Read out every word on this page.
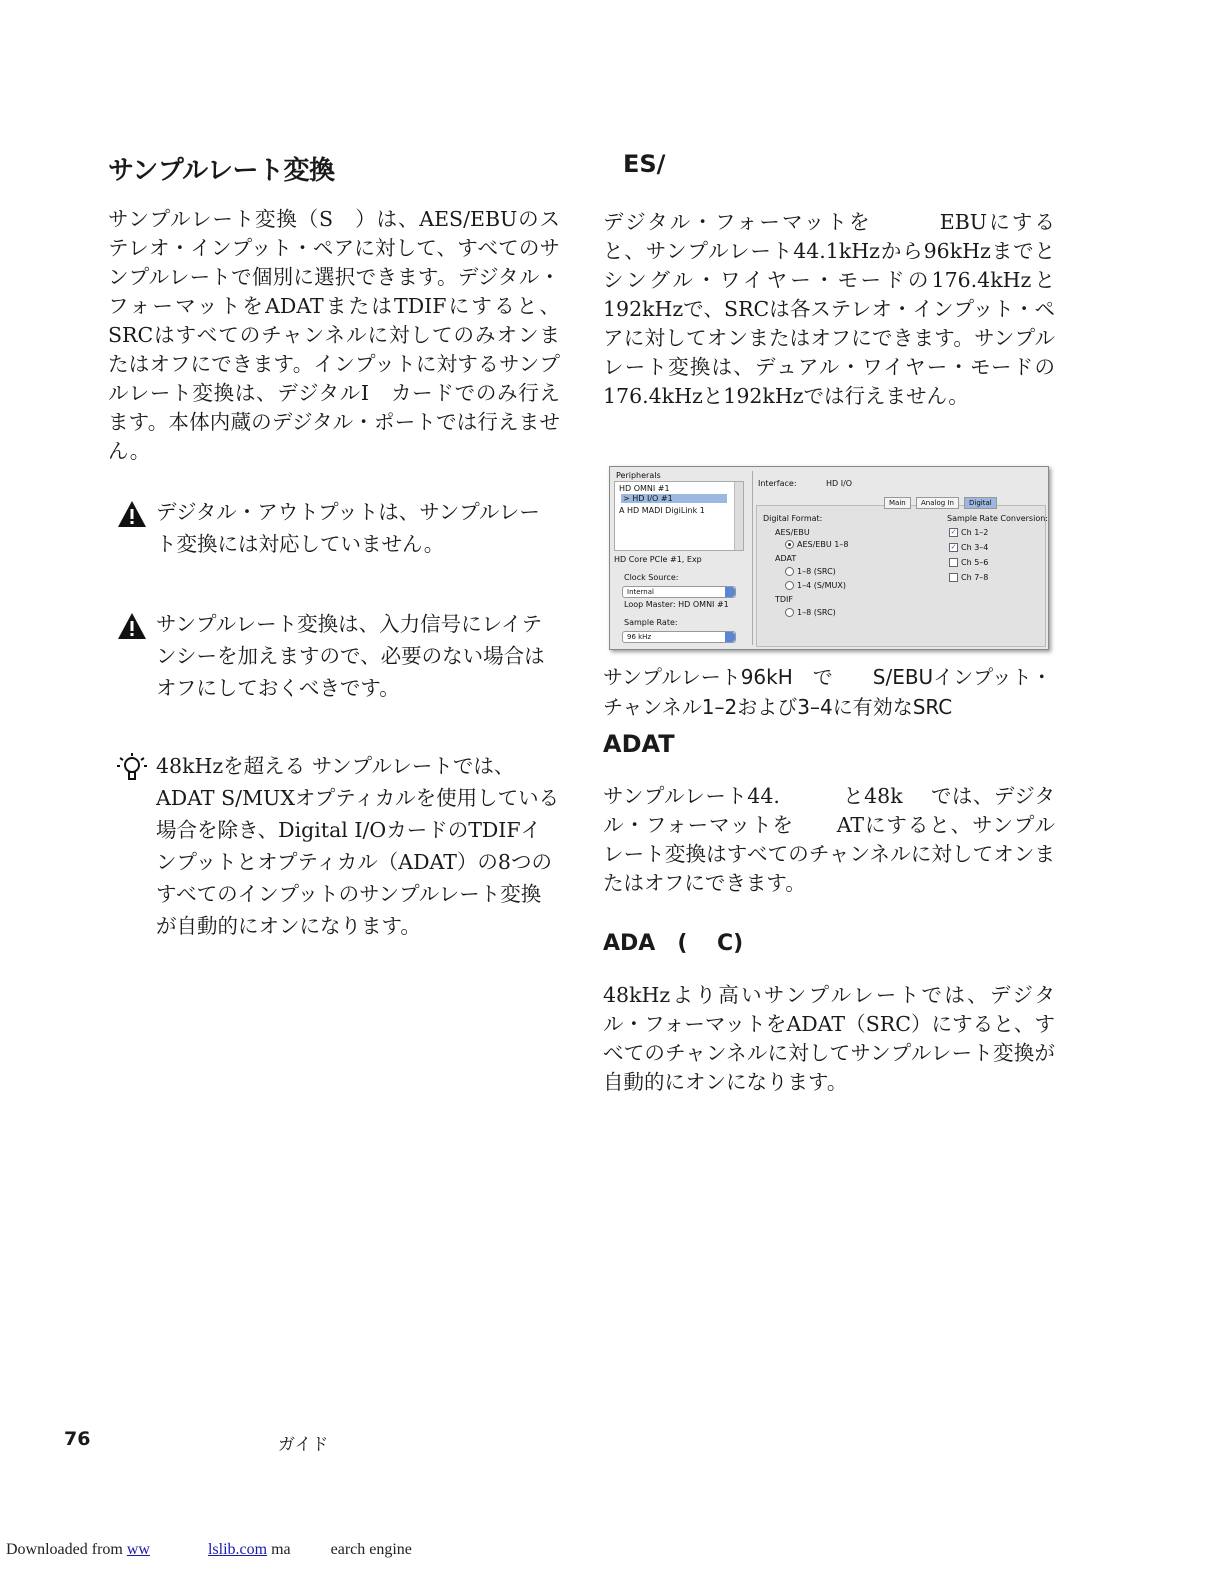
サンプルレート変換

サンプルレート変換（S　）は、AES/EBUのステレオ・インプット・ペアに対して、すべてのサンプルレートで個別に選択できます。デジタル・フォーマットをADATまたはTDIFにすると、SRCはすべてのチャンネルに対してのみオンまたはオフにできます。インプットに対するサンプルレート変換は、デジタルI　カードでのみ行えます。本体内蔵のデジタル・ポートでは行えません。

デジタル・アウトプットは、サンプルレート変換には対応していません。

サンプルレート変換は、入力信号にレイテンシーを加えますので、必要のない場合はオフにしておくべきです。

48kHzを超える サンプルレートでは、ADAT S/MUXオプティカルを使用している場合を除き、Digital I/OカードのTDIFインプットとオプティカル（ADAT）の8つのすべてのインプットのサンプルレート変換が自動的にオンになります。

ES/

デジタル・フォーマットを　　　EBUにすると、サンプルレート44.1kHzから96kHzまでとシングル・ワイヤー・モードの176.4kHzと192kHzで、SRCは各ステレオ・インプット・ペアに対してオンまたはオフにできます。サンプルレート変換は、デュアル・ワイヤー・モードの176.4kHzと192kHzでは行えません。

Peripherals
HD OMNI #1
> HD I/O #1
A HD MADI DigiLink 1
HD Core PCIe #1, Exp
Clock Source:
Internal
Loop Master: HD OMNI #1
Sample Rate:
96 kHz
Interface:	HD I/O
Digital Format:
AES/EBU
AES/EBU 1–8
ADAT
1–8 (SRC)
1–4 (S/MUX)
TDIF
1–8 (SRC)
Sample Rate Conversion:
✓ Ch 1–2
✓ Ch 3–4
Ch 5–6
Ch 7–8
Main	Analog In	Digital
サンプルレート96kH　で　　S/EBUインプット・チャンネル1–2および3–4に有効なSRC
ADAT

サンプルレート44.　　　と48k　 では、デジタル・フォーマットを　　ATにすると、サンプルレート変換はすべてのチャンネルに対してオンまたはオフにできます。

ADA　(　 C)

48kHzより高いサンプルレートでは、デジタル・フォーマットをADAT（SRC）にすると、すべてのチャンネルに対してサンプルレート変換が自動的にオンになります。

76	ガイド
Downloaded from ww	lslib.com ma	earch engine
